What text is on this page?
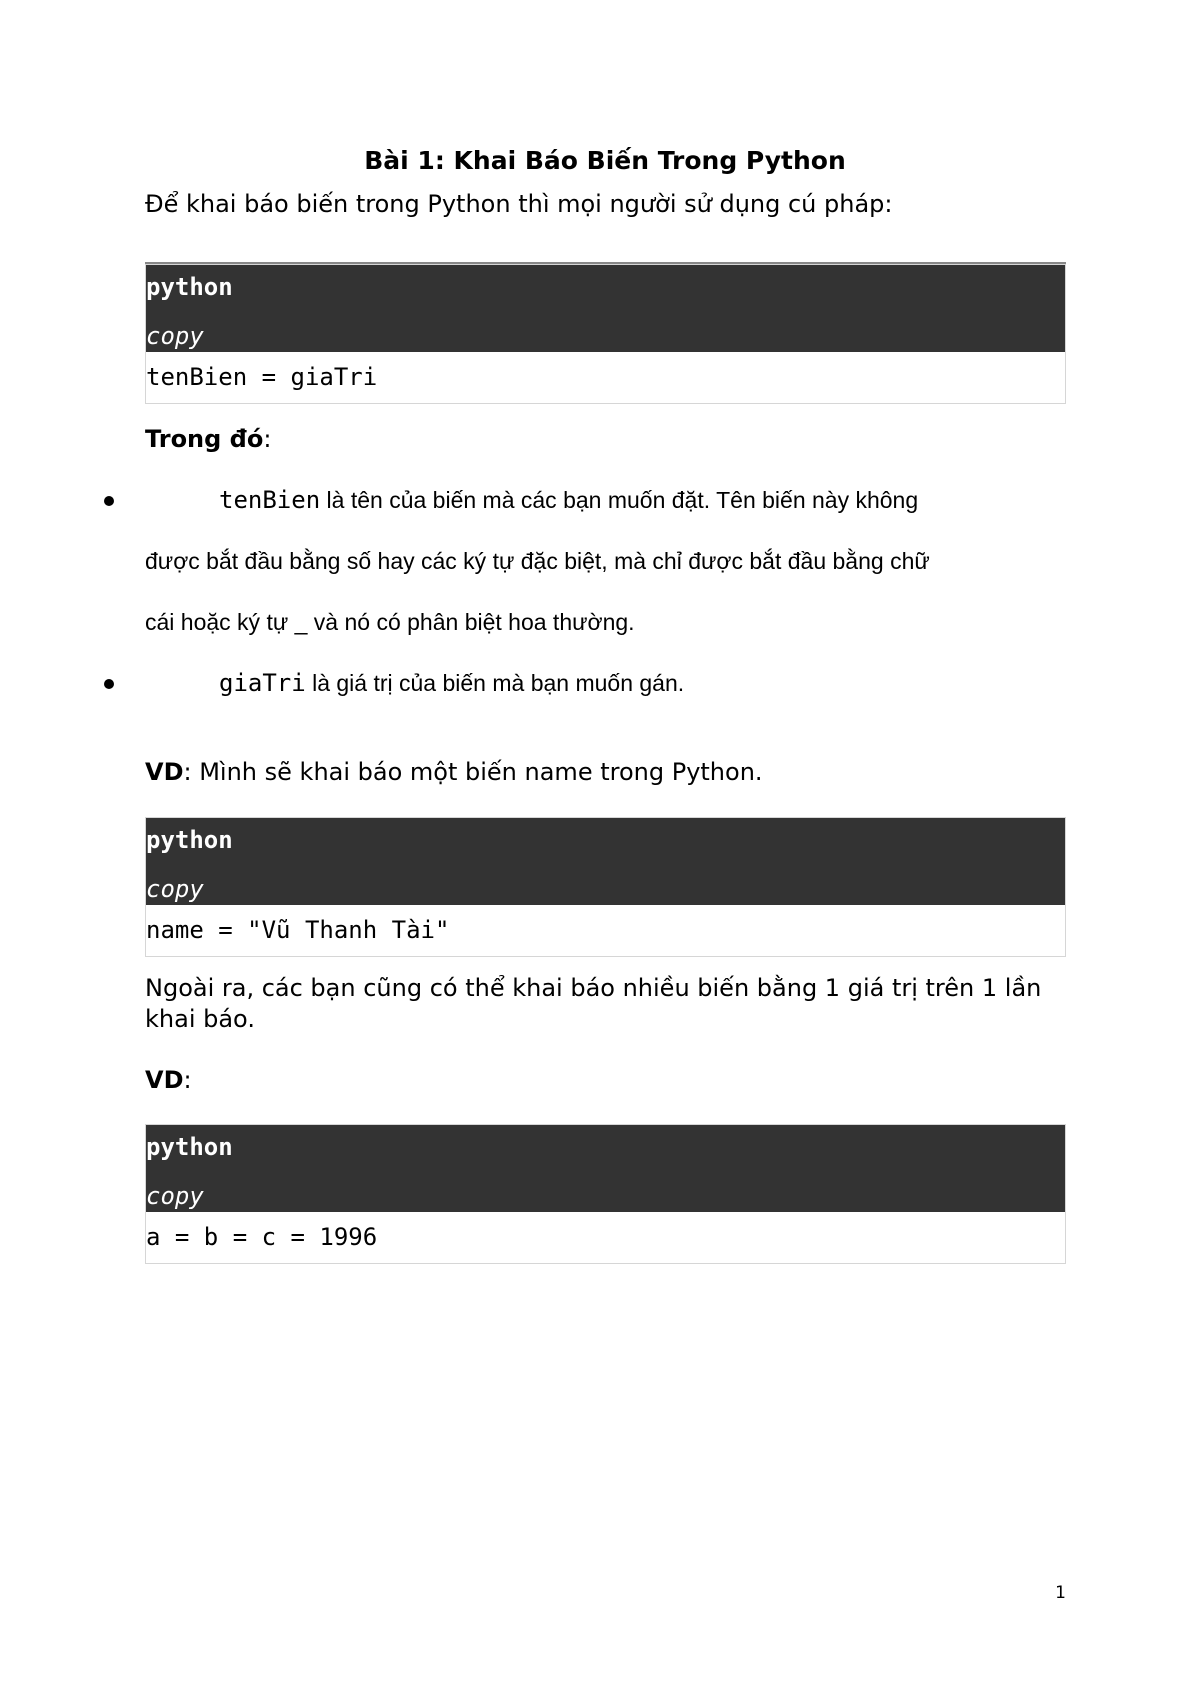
Bài 1: Khai Báo Biến Trong Python
Để khai báo biến trong Python thì mọi người sử dụng cú pháp:
python
copy
tenBien = giaTri
Trong đó:
tenBien là tên của biến mà các bạn muốn đặt. Tên biến này không
được bắt đầu bằng số hay các ký tự đặc biệt, mà chỉ được bắt đầu bằng chữ
cái hoặc ký tự _ và nó có phân biệt hoa thường.
giaTri là giá trị của biến mà bạn muốn gán.
VD: Mình sẽ khai báo một biến name trong Python.
python
copy
name = "Vũ Thanh Tài"
Ngoài ra, các bạn cũng có thể khai báo nhiều biến bằng 1 giá trị trên 1 lần khai báo.
VD:
python
copy
a = b = c = 1996
1
